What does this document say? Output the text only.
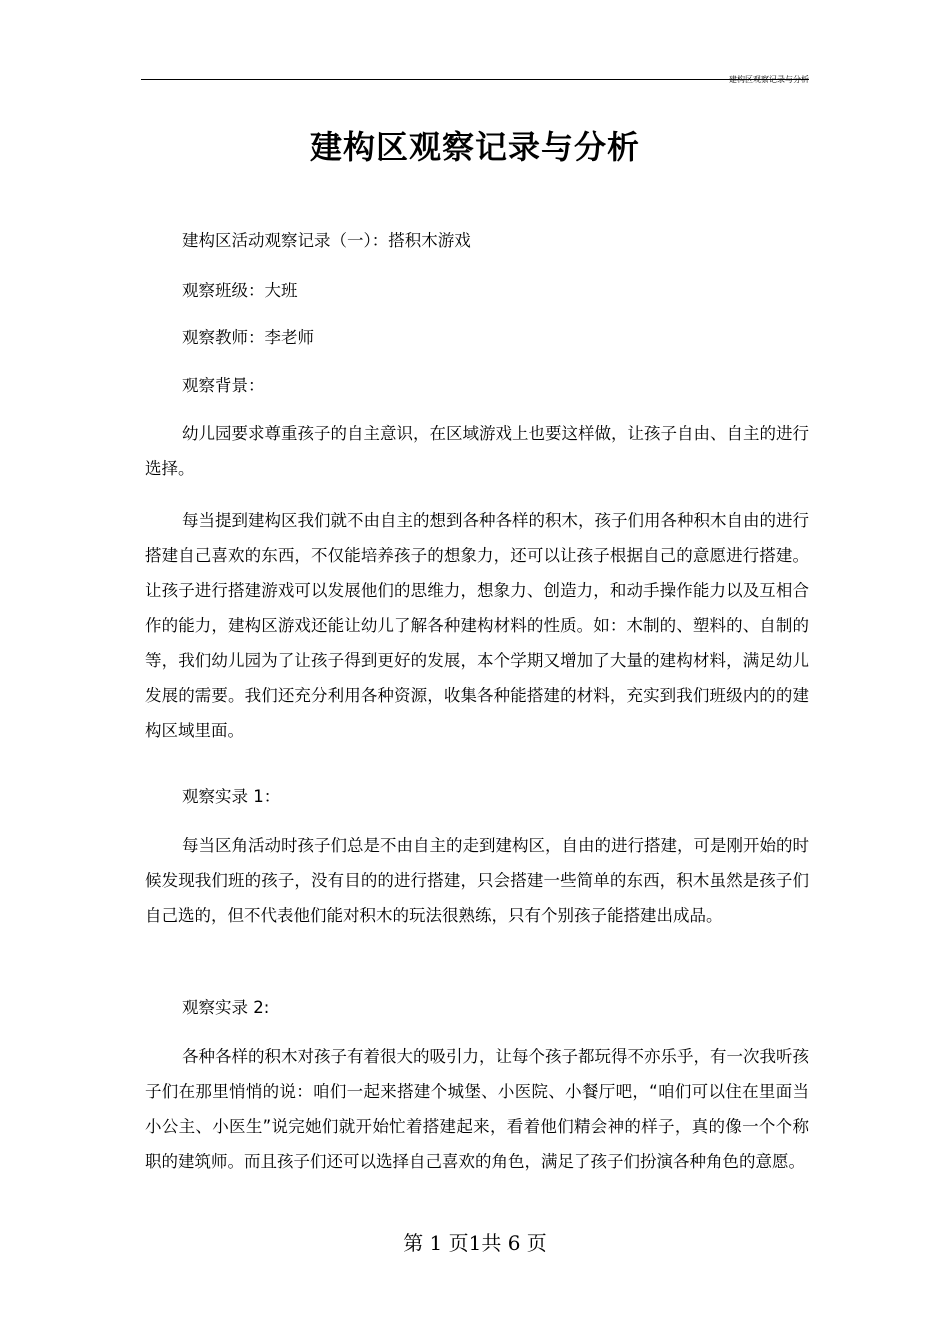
建构区观察记录与分析
建构区观察记录与分析

建构区活动观察记录（一）：搭积木游戏

观察班级：大班

观察教师：李老师

观察背景：

幼儿园要求尊重孩子的自主意识，在区域游戏上也要这样做，让孩子自由、自主的进行选择。

每当提到建构区我们就不由自主的想到各种各样的积木，孩子们用各种积木自由的进行搭建自己喜欢的东西，不仅能培养孩子的想象力，还可以让孩子根据自己的意愿进行搭建。让孩子进行搭建游戏可以发展他们的思维力，想象力、创造力，和动手操作能力以及互相合作的能力，建构区游戏还能让幼儿了解各种建构材料的性质。如：木制的、塑料的、自制的等，我们幼儿园为了让孩子得到更好的发展，本个学期又增加了大量的建构材料，满足幼儿发展的需要。我们还充分利用各种资源，收集各种能搭建的材料，充实到我们班级内的的建构区域里面。

观察实录 1：

每当区角活动时孩子们总是不由自主的走到建构区，自由的进行搭建，可是刚开始的时候发现我们班的孩子，没有目的的进行搭建，只会搭建一些简单的东西，积木虽然是孩子们自己选的，但不代表他们能对积木的玩法很熟练，只有个别孩子能搭建出成品。

观察实录 2:

各种各样的积木对孩子有着很大的吸引力，让每个孩子都玩得不亦乐乎，有一次我听孩子们在那里悄悄的说：咱们一起来搭建个城堡、小医院、小餐厅吧，“咱们可以住在里面当小公主、小医生”说完她们就开始忙着搭建起来，看着他们精会神的样子，真的像一个个称职的建筑师。而且孩子们还可以选择自己喜欢的角色，满足了孩子们扮演各种角色的意愿。

第 1 页1共 6 页
